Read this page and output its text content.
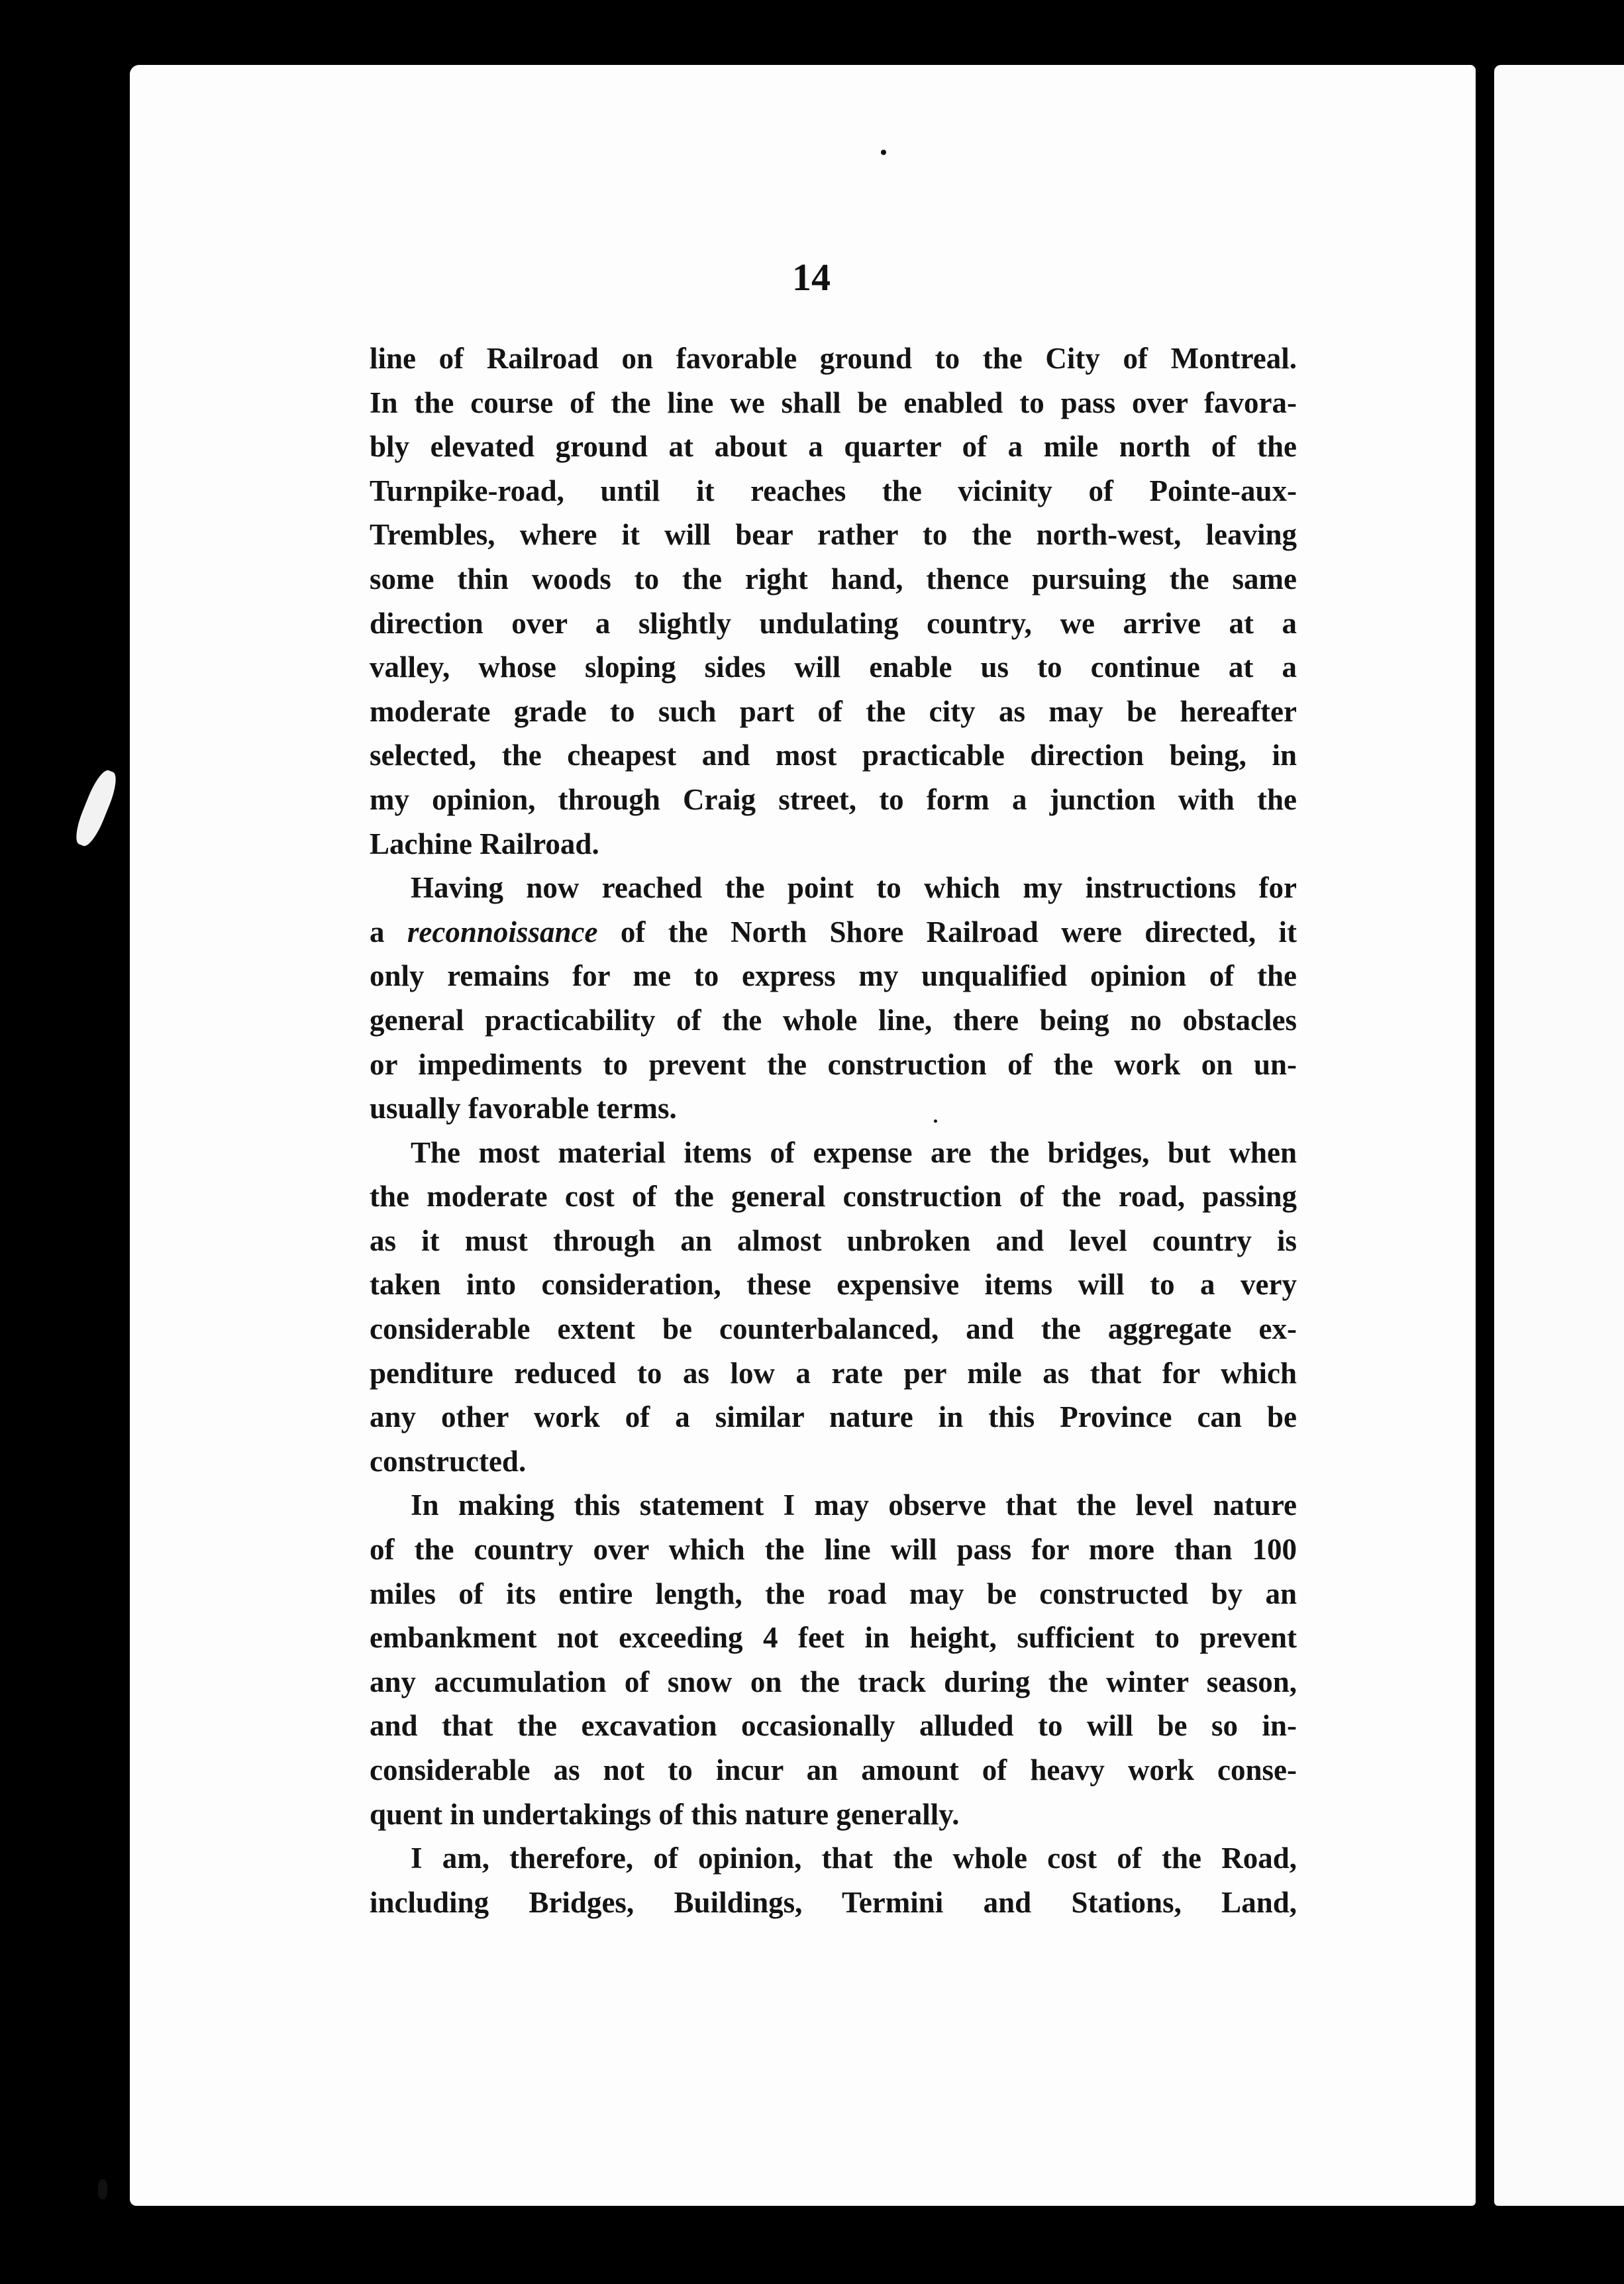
14

line of Railroad on favorable ground to the City of Montreal.
In the course of the line we shall be enabled to pass over favora-
bly elevated ground at about a quarter of a mile north of the
Turnpike-road, until it reaches the vicinity of Pointe-aux-
Trembles, where it will bear rather to the north-west, leaving
some thin woods to the right hand, thence pursuing the same
direction over a slightly undulating country, we arrive at a
valley, whose sloping sides will enable us to continue at a
moderate grade to such part of the city as may be hereafter
selected, the cheapest and most practicable direction being, in
my opinion, through Craig street, to form a junction with the
Lachine Railroad.

Having now reached the point to which my instructions for
a reconnoissance of the North Shore Railroad were directed, it
only remains for me to express my unqualified opinion of the
general practicability of the whole line, there being no obstacles
or impediments to prevent the construction of the work on un-
usually favorable terms.

The most material items of expense are the bridges, but when
the moderate cost of the general construction of the road, passing
as it must through an almost unbroken and level country is
taken into consideration, these expensive items will to a very
considerable extent be counterbalanced, and the aggregate ex-
penditure reduced to as low a rate per mile as that for which
any other work of a similar nature in this Province can be
constructed.

In making this statement I may observe that the level nature
of the country over which the line will pass for more than 100
miles of its entire length, the road may be constructed by an
embankment not exceeding 4 feet in height, sufficient to prevent
any accumulation of snow on the track during the winter season,
and that the excavation occasionally alluded to will be so in-
considerable as not to incur an amount of heavy work conse-
quent in undertakings of this nature generally.

I am, therefore, of opinion, that the whole cost of the Road,
including Bridges, Buildings, Termini and Stations, Land,
